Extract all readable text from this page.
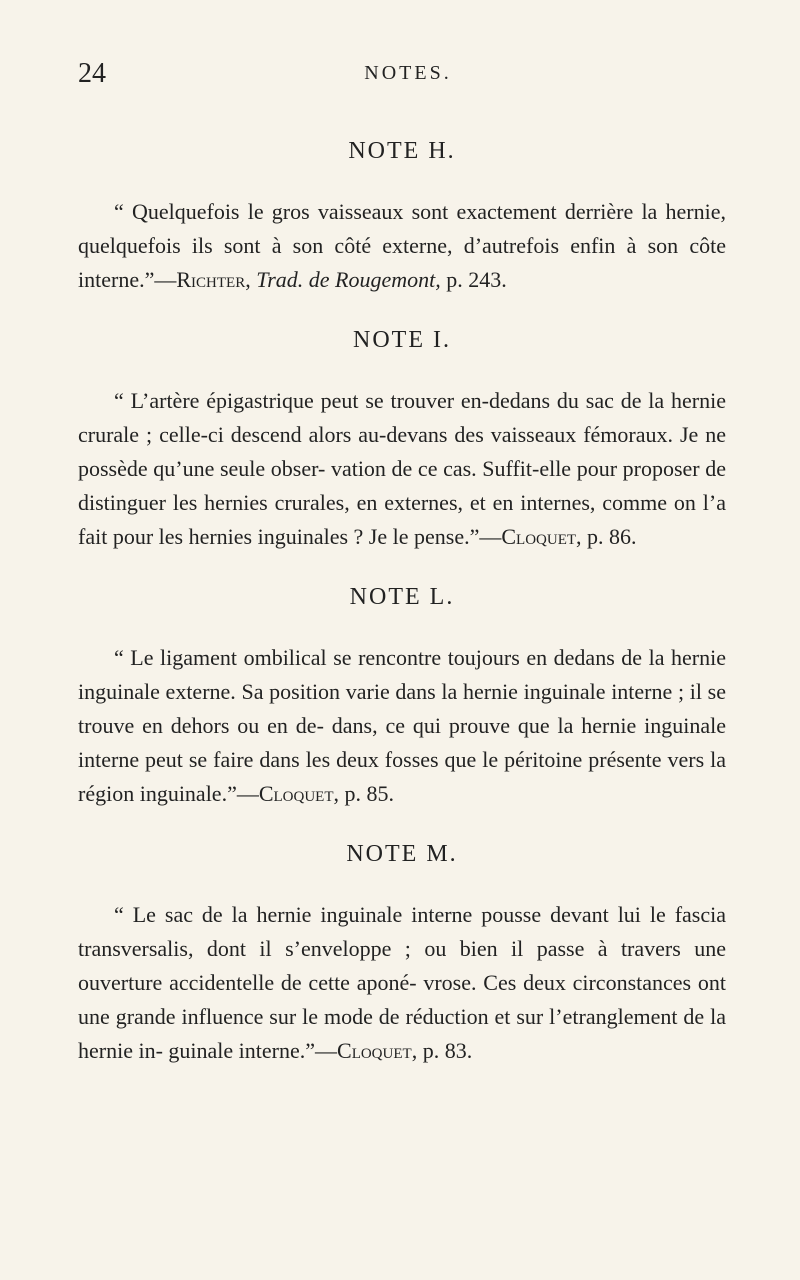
24	NOTES.
NOTE H.

“ Quelquefois le gros vaisseaux sont exactement derrière la hernie, quelquefois ils sont à son côté externe, d’autrefois enfin à son côte interne.”—Richter, Trad. de Rougemont, p. 243.

NOTE I.

“ L’artère épigastrique peut se trouver en-dedans du sac de la hernie crurale ; celle-ci descend alors au-devans des vaisseaux fémoraux. Je ne possède qu’une seule obser- vation de ce cas. Suffit-elle pour proposer de distinguer les hernies crurales, en externes, et en internes, comme on l’a fait pour les hernies inguinales ? Je le pense.”—Cloquet, p. 86.

NOTE L.

“ Le ligament ombilical se rencontre toujours en dedans de la hernie inguinale externe. Sa position varie dans la hernie inguinale interne ; il se trouve en dehors ou en de- dans, ce qui prouve que la hernie inguinale interne peut se faire dans les deux fosses que le péritoine présente vers la région inguinale.”—Cloquet, p. 85.

NOTE M.

“ Le sac de la hernie inguinale interne pousse devant lui le fascia transversalis, dont il s’enveloppe ; ou bien il passe à travers une ouverture accidentelle de cette aponé- vrose. Ces deux circonstances ont une grande influence sur le mode de réduction et sur l’etranglement de la hernie in- guinale interne.”—Cloquet, p. 83.
